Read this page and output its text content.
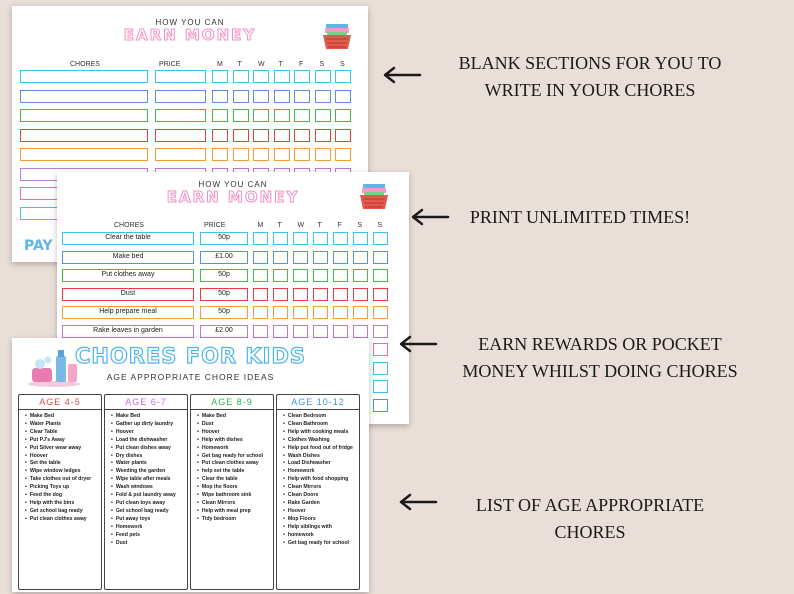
HOW YOU CAN
EARN MONEY
CHORES	PRICE	M T W T F S S
PAY
HOW YOU CAN
EARN MONEY
CHORES	PRICE	M T W T F S S
Clear the table	50p
Make bed	£1.00
Put clothes away	50p
Dust	50p
Help prepare meal	50p
Rake leaves in garden	£2.00
CHORES FOR KIDS
AGE APPROPRIATE CHORE IDEAS
AGE 4-5
• Make Bed
• Water Plants
• Clear Table
• Put PJ's Away
• Put Silver wear away
• Hoover
• Set the table
• Wipe window ledges
• Take clothes out of dryer
• Picking Toys up
• Feed the dog
• Help with the bins
• Get school bag ready
• Put clean clothes away
AGE 6-7
• Make Bed
• Gather up dirty laundry
• Hoover
• Load the dishwasher
• Put clean dishes away
• Dry dishes
• Water plants
• Weeding the garden
• Wipe table after meals
• Wash windows
• Fold & put laundry away
• Put clean toys away
• Get school bag ready
• Put away toys
• Homework
• Feed pets
• Dust
AGE 8-9
• Make Bed
• Dust
• Hoover
• Help with dishes
• Homework
• Get bag ready for school
• Put clean clothes away
• help set the table
• Clear the table
• Mop the floors
• Wipe bathroom sink
• Clean Mirrors
• Help with meal prep
• Tidy bedroom
AGE 10-12
• Clean Bedroom
• Clean Bathroom
• Help with cooking meals
• Clothes Washing
• Help put food out of fridge
• Wash Dishes
• Load Dishwasher
• Homework
• Help with food shopping
• Clean Mirrors
• Clean Doors
• Rake Garden
• Hoover
• Mop Floors
• Help siblings with
• homework
• Get bag ready for school
BLANK SECTIONS FOR YOU TO
WRITE IN YOUR CHORES
PRINT UNLIMITED TIMES!
EARN REWARDS OR POCKET
MONEY WHILST DOING CHORES
LIST OF AGE APPROPRIATE
CHORES
